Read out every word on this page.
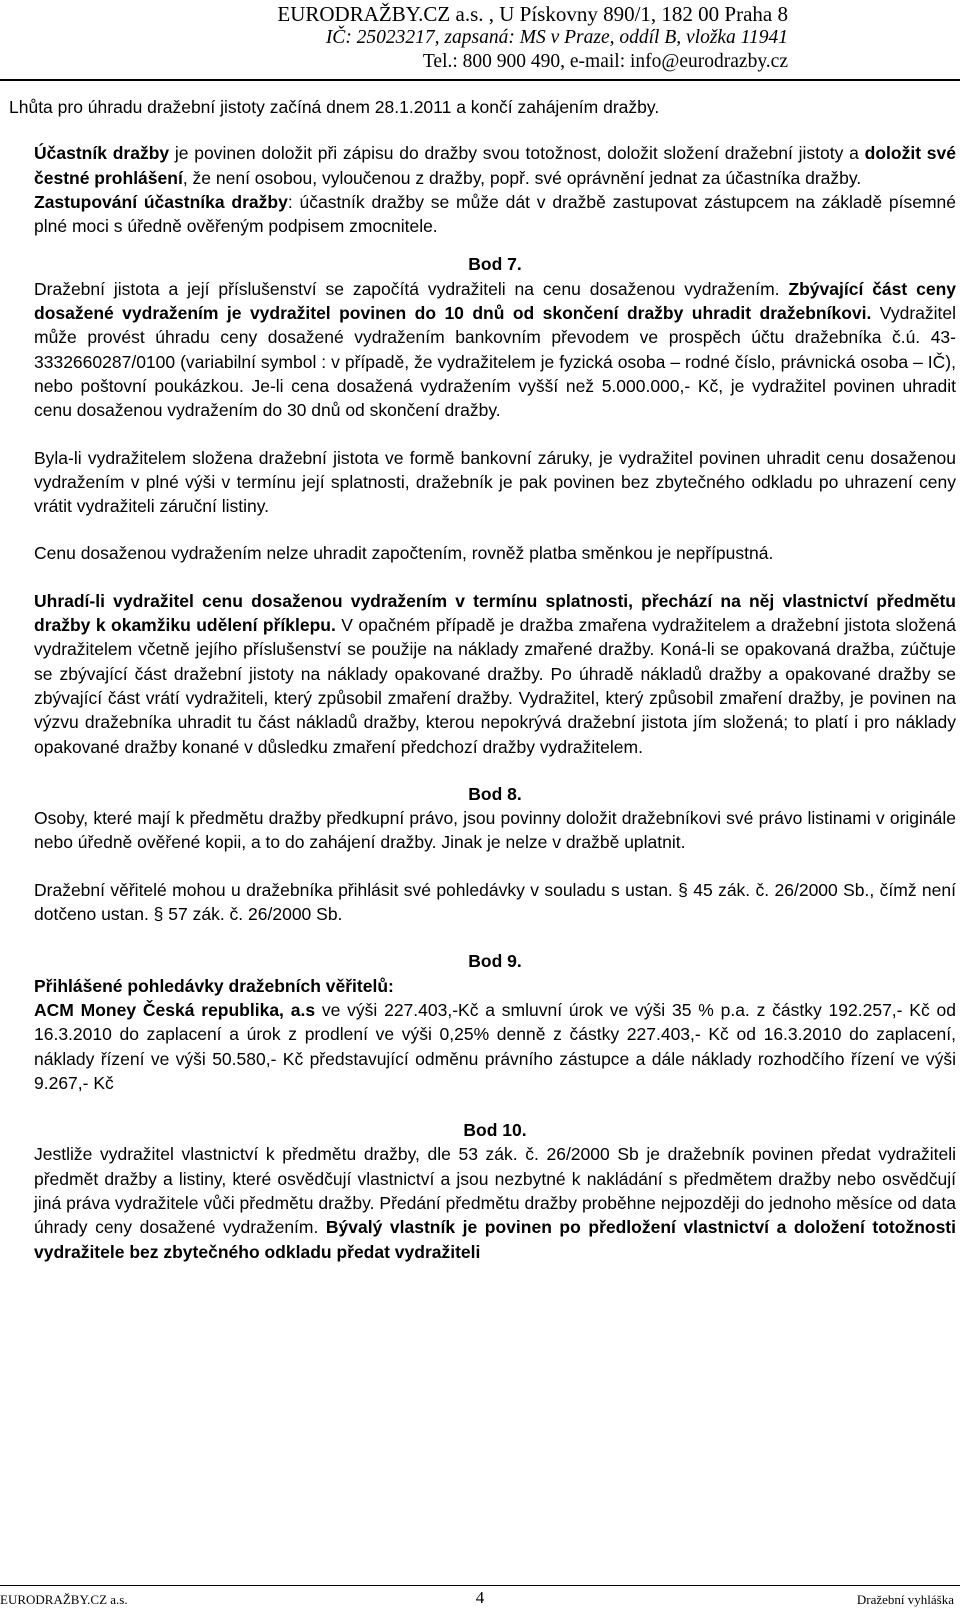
EURODRAŽBY.CZ a.s. , U Pískovny 890/1, 182 00 Praha 8
IČ: 25023217, zapsaná: MS v Praze, oddíl B, vložka 11941
Tel.: 800 900 490, e-mail: info@eurodrazby.cz

Lhůta pro úhradu dražební jistoty začíná dnem 28.1.2011 a končí zahájením dražby.

Účastník dražby je povinen doložit při zápisu do dražby svou totožnost, doložit složení dražební jistoty a doložit své čestné prohlášení, že není osobou, vyloučenou z dražby, popř. své oprávnění jednat za účastníka dražby.

Zastupování účastníka dražby: účastník dražby se může dát v dražbě zastupovat zástupcem na základě písemné plné moci s úředně ověřeným podpisem zmocnitele.

Bod 7.

Dražební jistota a její příslušenství se započítá vydražiteli na cenu dosaženou vydražením. Zbývající část ceny dosažené vydražením je vydražitel povinen do 10 dnů od skončení dražby uhradit dražebníkovi. Vydražitel může provést úhradu ceny dosažené vydražením bankovním převodem ve prospěch účtu dražebníka č.ú. 43-3332660287/0100 (variabilní symbol : v případě, že vydražitelem je fyzická osoba – rodné číslo, právnická osoba – IČ), nebo poštovní poukázkou. Je-li cena dosažená vydražením vyšší než 5.000.000,- Kč, je vydražitel povinen uhradit cenu dosaženou vydražením do 30 dnů od skončení dražby.

Byla-li vydražitelem složena dražební jistota ve formě bankovní záruky, je vydražitel povinen uhradit cenu dosaženou vydražením v plné výši v termínu její splatnosti, dražebník je pak povinen bez zbytečného odkladu po uhrazení ceny vrátit vydražiteli záruční listiny.

Cenu dosaženou vydražením nelze uhradit započtením, rovněž platba směnkou je nepřípustná.

Uhradí-li vydražitel cenu dosaženou vydražením v termínu splatnosti, přechází na něj vlastnictví předmětu dražby k okamžiku udělení příklepu. V opačném případě je dražba zmařena vydražitelem a dražební jistota složená vydražitelem včetně jejího příslušenství se použije na náklady zmařené dražby. Koná-li se opakovaná dražba, zúčtuje se zbývající část dražební jistoty na náklady opakované dražby. Po úhradě nákladů dražby a opakované dražby se zbývající část vrátí vydražiteli, který způsobil zmaření dražby. Vydražitel, který způsobil zmaření dražby, je povinen na výzvu dražebníka uhradit tu část nákladů dražby, kterou nepokrývá dražební jistota jím složená; to platí i pro náklady opakované dražby konané v důsledku zmaření předchozí dražby vydražitelem.

Bod 8.

Osoby, které mají k předmětu dražby předkupní právo, jsou povinny doložit dražebníkovi své právo listinami v originále nebo úředně ověřené kopii, a to do zahájení dražby. Jinak je nelze v dražbě uplatnit.

Dražební věřitelé mohou u dražebníka přihlásit své pohledávky v souladu s ustan. § 45 zák. č. 26/2000 Sb., čímž není dotčeno ustan. § 57 zák. č. 26/2000 Sb.

Bod 9.

Přihlášené pohledávky dražebních věřitelů:

ACM Money Česká republika, a.s ve výši 227.403,-Kč a smluvní úrok ve výši 35 % p.a. z částky 192.257,- Kč od 16.3.2010 do zaplacení a úrok z prodlení ve výši 0,25% denně z částky 227.403,- Kč od 16.3.2010 do zaplacení, náklady řízení ve výši 50.580,- Kč představující odměnu právního zástupce a dále náklady rozhodčího řízení ve výši 9.267,- Kč

Bod 10.

Jestliže vydražitel vlastnictví k předmětu dražby, dle 53 zák. č. 26/2000 Sb je dražebník povinen předat vydražiteli předmět dražby a listiny, které osvědčují vlastnictví a jsou nezbytné k nakládání s předmětem dražby nebo osvědčují jiná práva vydražitele vůči předmětu dražby. Předání předmětu dražby proběhne nejpozději do jednoho měsíce od data úhrady ceny dosažené vydražením. Bývalý vlastník je povinen po předložení vlastnictví a doložení totožnosti vydražitele bez zbytečného odkladu předat vydražiteli

EURODRAŽBY.CZ a.s.	4	Dražební vyhláška
